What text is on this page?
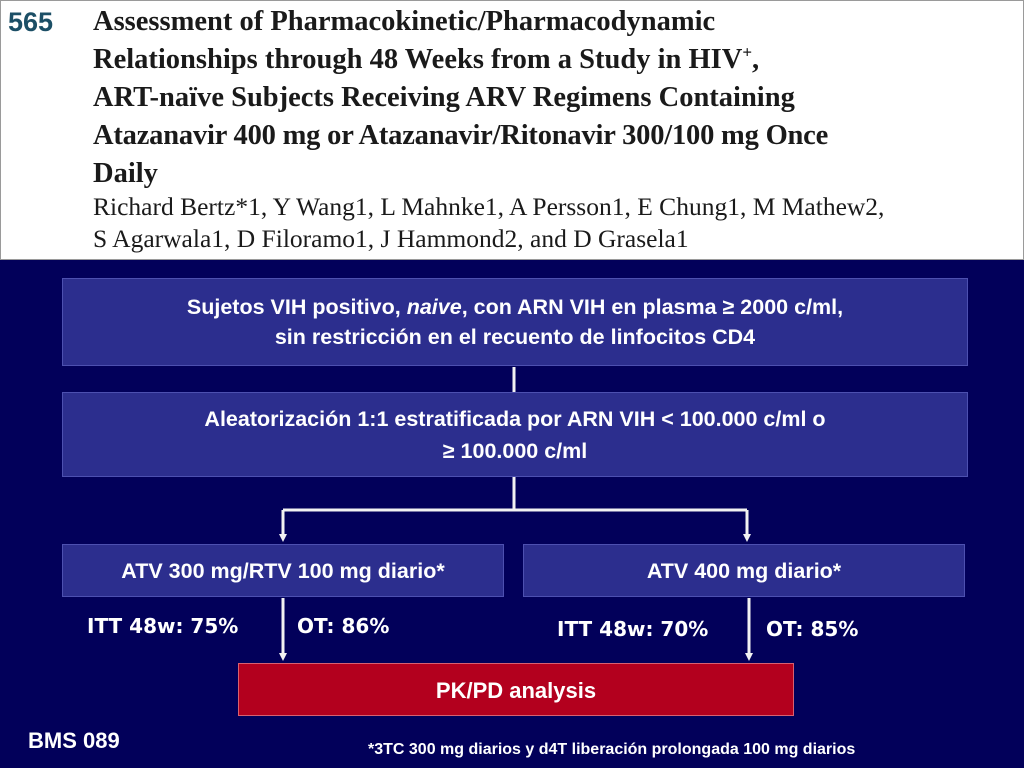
565 Assessment of Pharmacokinetic/Pharmacodynamic
Relationships through 48 Weeks from a Study in HIV+,
ART-naïve Subjects Receiving ARV Regimens Containing
Atazanavir 400 mg or Atazanavir/Ritonavir 300/100 mg Once
Daily
Richard Bertz*1, Y Wang1, L Mahnke1, A Persson1, E Chung1, M Mathew2,
S Agarwala1, D Filoramo1, J Hammond2, and D Grasela1
Sujetos VIH positivo, naive, con ARN VIH en plasma ≥ 2000 c/ml,
sin restricción en el recuento de linfocitos CD4
Aleatorización 1:1 estratificada por ARN VIH < 100.000 c/ml o
≥ 100.000 c/ml
ATV 300 mg/RTV 100 mg diario*	ATV 400 mg diario*
ITT 48w: 75%	OT: 86%	ITT 48w: 70%	OT: 85%
PK/PD analysis
BMS 089	*3TC 300 mg diarios y d4T liberación prolongada 100 mg diarios
